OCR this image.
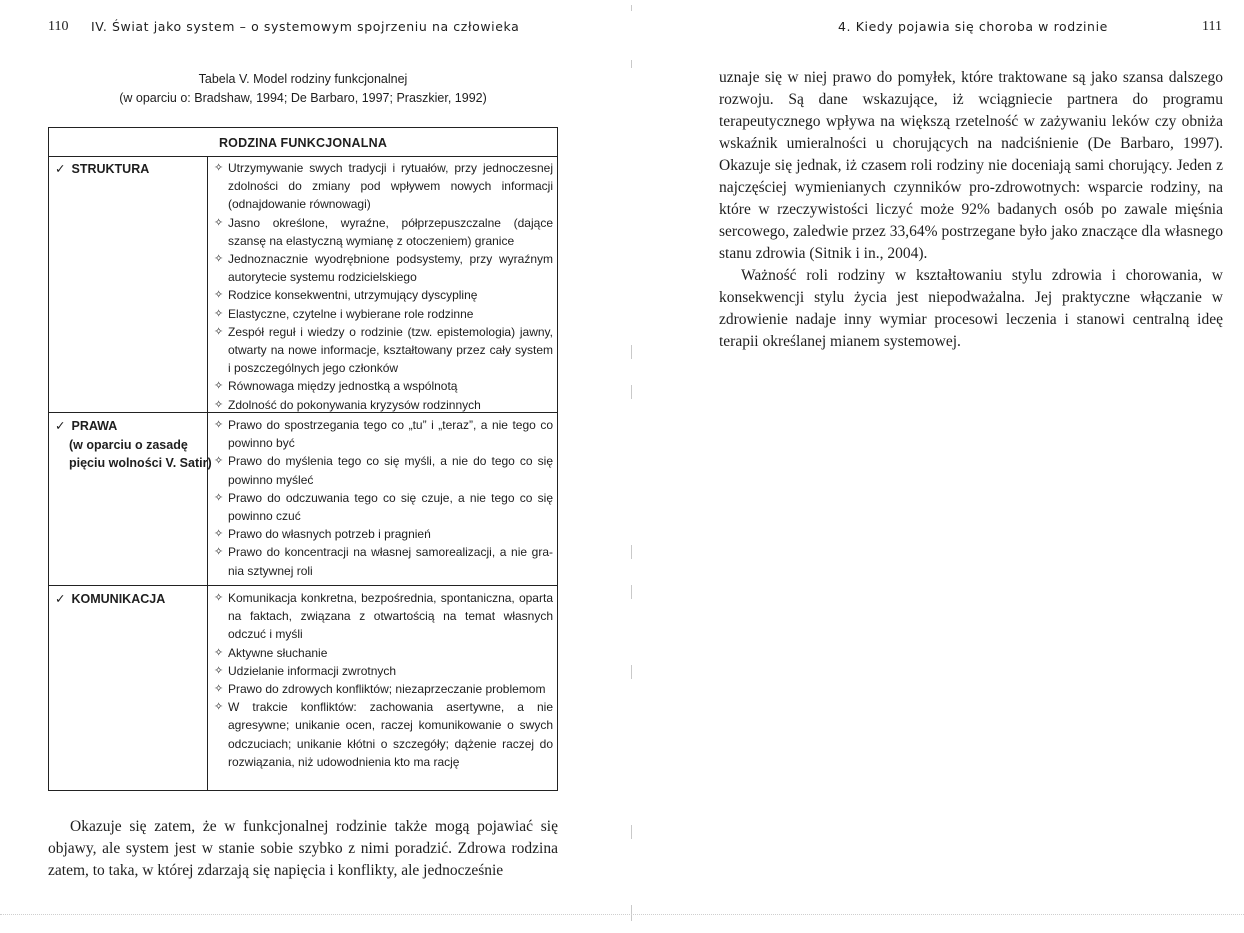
110 IV. Świat jako system – o systemowym spojrzeniu na człowieka	4. Kiedy pojawia się choroba w rodzinie	111
Tabela V. Model rodziny funkcjonalnej
(w oparciu o: Bradshaw, 1994; De Barbaro, 1997; Praszkier, 1992)
RODZINA FUNKCJONALNA
✓ STRUKTURA	✧ Utrzymywanie swych tradycji i rytuałów, przy jednoczesnej zdolności do zmiany pod wpływem nowych informacji (odnajdowanie równowagi)
✧ Jasno określone, wyraźne, półprzepuszczalne (dające szansę na elastyczną wymianę z otoczeniem) granice
✧ Jednoznacznie wyodrębnione podsystemy, przy wyraźnym autorytecie systemu rodzicielskiego
✧ Rodzice konsekwentni, utrzymujący dyscyplinę
✧ Elastyczne, czytelne i wybierane role rodzinne
✧ Zespół reguł i wiedzy o rodzinie (tzw. epistemologia) jawny, otwarty na nowe informacje, kształtowany przez cały system i poszczególnych jego członków
✧ Równowaga między jednostką a wspólnotą
✧ Zdolność do pokonywania kryzysów rodzinnych
✓ PRAWA
(w oparciu o zasadę
pięciu wolności V. Satir)
✧ Prawo do spostrzegania tego co „tu” i „teraz”, a nie tego co powinno być
✧ Prawo do myślenia tego co się myśli, a nie do tego co się powinno myśleć
✧ Prawo do odczuwania tego co się czuje, a nie tego co się powinno czuć
✧ Prawo do własnych potrzeb i pragnień
✧ Prawo do koncentracji na własnej samorealizacji, a nie grania sztywnej roli
✓ KOMUNIKACJA	✧ Komunikacja konkretna, bezpośrednia, spontaniczna, oparta na faktach, związana z otwartością na temat własnych odczuć i myśli
✧ Aktywne słuchanie
✧ Udzielanie informacji zwrotnych
✧ Prawo do zdrowych konfliktów; niezaprzeczanie problemom
✧ W trakcie konfliktów: zachowania asertywne, a nie agresywne; unikanie ocen, raczej komunikowanie o swych odczuciach; unikanie kłótni o szczegóły; dążenie raczej do rozwiązania, niż udowodnienia kto ma rację

Okazuje się zatem, że w funkcjonalnej rodzinie także mogą pojawiać się objawy, ale system jest w stanie sobie szybko z nimi poradzić. Zdrowa rodzina zatem, to taka, w której zdarzają się napięcia i konflikty, ale jednocześnie

uznaje się w niej prawo do pomyłek, które traktowane są jako szansa dalszego rozwoju. Są dane wskazujące, iż wciągniecie partnera do programu terapeutycznego wpływa na większą rzetelność w zażywaniu leków czy obniża wskaźnik umieralności u chorujących na nadciśnienie (De Barbaro, 1997). Okazuje się jednak, iż czasem roli rodziny nie doceniają sami chorujący. Jeden z najczęściej wymienianych czynników pro-zdrowotnych: wsparcie rodziny, na które w rzeczywistości liczyć może 92% badanych osób po zawale mięśnia sercowego, zaledwie przez 33,64% postrzegane było jako znaczące dla własnego stanu zdrowia (Sitnik i in., 2004).

Ważność roli rodziny w kształtowaniu stylu zdrowia i chorowania, w konsekwencji stylu życia jest niepodważalna. Jej praktyczne włączanie w zdrowienie nadaje inny wymiar procesowi leczenia i stanowi centralną ideę terapii określanej mianem systemowej.
